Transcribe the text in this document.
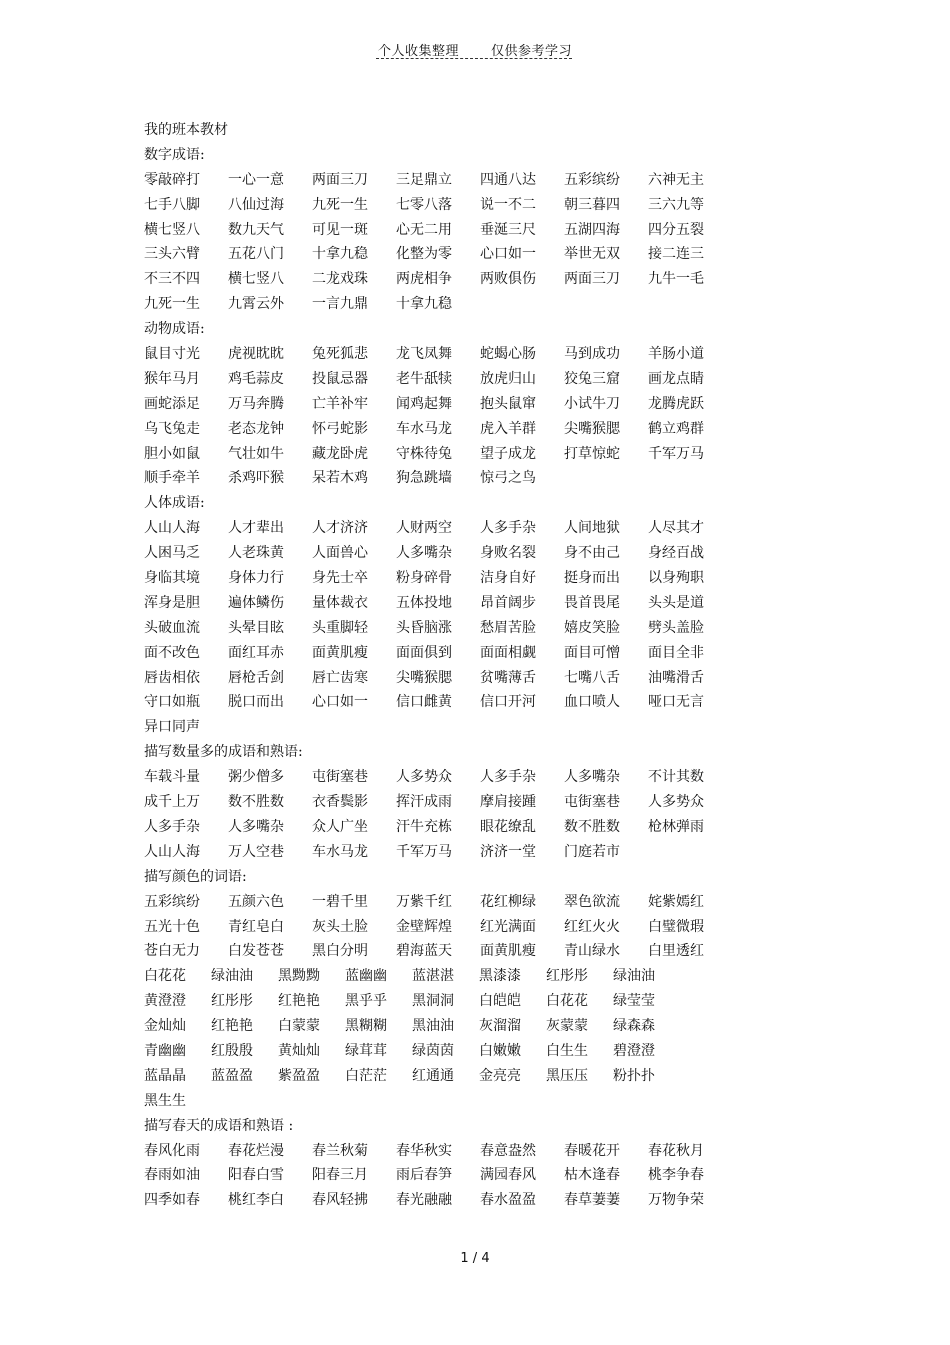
个人收集整理 仅供参考学习
我的班本教材
数字成语:
零敲碎打 一心一意 两面三刀 三足鼎立 四通八达 五彩缤纷 六神无主
七手八脚 八仙过海 九死一生 七零八落 说一不二 朝三暮四 三六九等
横七竖八 数九天气 可见一斑 心无二用 垂涎三尺 五湖四海 四分五裂
三头六臂 五花八门 十拿九稳 化整为零 心口如一 举世无双 接二连三
不三不四 横七竖八 二龙戏珠 两虎相争 两败俱伤 两面三刀 九牛一毛
九死一生 九霄云外 一言九鼎 十拿九稳
动物成语:
鼠目寸光 虎视眈眈 兔死狐悲 龙飞凤舞 蛇蝎心肠 马到成功 羊肠小道
猴年马月 鸡毛蒜皮 投鼠忌器 老牛舐犊 放虎归山 狡兔三窟 画龙点睛
画蛇添足 万马奔腾 亡羊补牢 闻鸡起舞 抱头鼠窜 小试牛刀 龙腾虎跃
乌飞兔走 老态龙钟 怀弓蛇影 车水马龙 虎入羊群 尖嘴猴腮 鹤立鸡群
胆小如鼠 气壮如牛 藏龙卧虎 守株待兔 望子成龙 打草惊蛇 千军万马
顺手牵羊 杀鸡吓猴 呆若木鸡 狗急跳墙 惊弓之鸟
人体成语:
人山人海 人才辈出 人才济济 人财两空 人多手杂 人间地狱 人尽其才
人困马乏 人老珠黄 人面兽心 人多嘴杂 身败名裂 身不由己 身经百战
身临其境 身体力行 身先士卒 粉身碎骨 洁身自好 挺身而出 以身殉职
浑身是胆 遍体鳞伤 量体裁衣 五体投地 昂首阔步 畏首畏尾 头头是道
头破血流 头晕目眩 头重脚轻 头昏脑涨 愁眉苦脸 嬉皮笑脸 劈头盖脸
面不改色 面红耳赤 面黄肌瘦 面面俱到 面面相觑 面目可憎 面目全非
唇齿相依 唇枪舌剑 唇亡齿寒 尖嘴猴腮 贫嘴薄舌 七嘴八舌 油嘴滑舌
守口如瓶 脱口而出 心口如一 信口雌黄 信口开河 血口喷人 哑口无言
异口同声
描写数量多的成语和熟语:
车载斗量 粥少僧多 屯街塞巷 人多势众 人多手杂 人多嘴杂 不计其数
成千上万 数不胜数 衣香鬓影 挥汗成雨 摩肩接踵 屯街塞巷 人多势众
人多手杂 人多嘴杂 众人广坐 汗牛充栋 眼花缭乱 数不胜数 枪林弹雨
人山人海 万人空巷 车水马龙 千军万马 济济一堂 门庭若市
描写颜色的词语:
五彩缤纷 五颜六色 一碧千里 万紫千红 花红柳绿 翠色欲流 姹紫嫣红
五光十色 青红皂白 灰头土脸 金壁辉煌 红光满面 红红火火 白璧微瑕
苍白无力 白发苍苍 黑白分明 碧海蓝天 面黄肌瘦 青山绿水 白里透红
白花花 绿油油 黑黝黝 蓝幽幽 蓝湛湛 黑漆漆 红彤彤 绿油油
黄澄澄 红彤彤 红艳艳 黑乎乎 黑洞洞 白皑皑 白花花 绿莹莹
金灿灿 红艳艳 白蒙蒙 黑糊糊 黑油油 灰溜溜 灰蒙蒙 绿森森
青幽幽 红殷殷 黄灿灿 绿茸茸 绿茵茵 白嫩嫩 白生生 碧澄澄
蓝晶晶 蓝盈盈 紫盈盈 白茫茫 红通通 金亮亮 黑压压 粉扑扑
黑生生
描写春天的成语和熟语 :
春风化雨 春花烂漫 春兰秋菊 春华秋实 春意盎然 春暖花开 春花秋月
春雨如油 阳春白雪 阳春三月 雨后春笋 满园春风 枯木逢春 桃李争春
四季如春 桃红李白 春风轻拂 春光融融 春水盈盈 春草萋萋 万物争荣
1 / 4
